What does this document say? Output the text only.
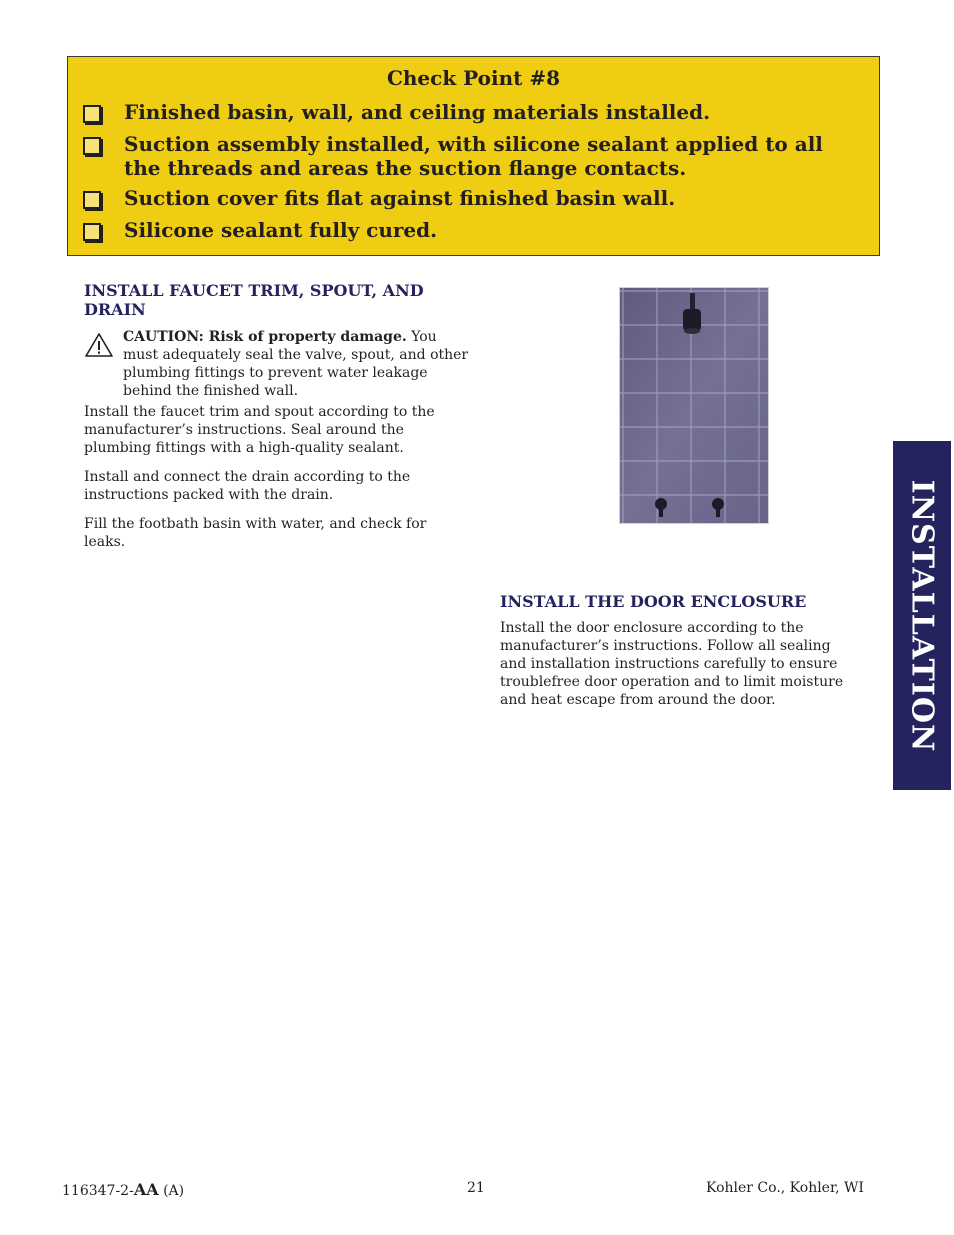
Check Point #8
Finished basin, wall, and ceiling materials installed.
Suction assembly installed, with silicone sealant applied to all the threads and areas the suction flange contacts.
Suction cover fits flat against finished basin wall.
Silicone sealant fully cured.
INSTALL FAUCET TRIM, SPOUT, AND DRAIN
CAUTION: Risk of property damage. You must adequately seal the valve, spout, and other plumbing fittings to prevent water leakage behind the finished wall.
Install the faucet trim and spout according to the manufacturer’s instructions. Seal around the plumbing fittings with a high-quality sealant.
Install and connect the drain according to the instructions packed with the drain.
Fill the footbath basin with water, and check for leaks.
INSTALL THE DOOR ENCLOSURE
Install the door enclosure according to the manufacturer’s instructions. Follow all sealing and installation instructions carefully to ensure troublefree door operation and to limit moisture and heat escape from around the door.	INSTALLATION
116347-2-AA (A)	21	Kohler Co., Kohler, WI
